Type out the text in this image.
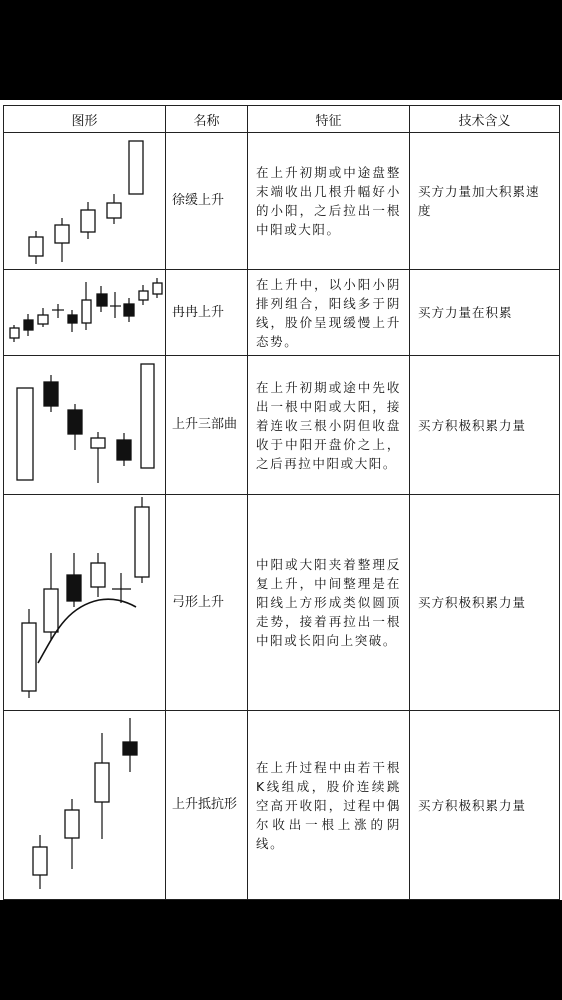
图形	名称	特征	技术含义

	徐缓上升	在上升初期或中途盘整末端收出几根升幅好小的小阳，之后拉出一根中阳或大阳。	买方力量加大积累速度

	冉冉上升	在上升中，以小阳小阴排列组合，阳线多于阴线，股价呈现缓慢上升态势。	买方力量在积累

	上升三部曲	在上升初期或途中先收出一根中阳或大阳，接着连收三根小阴但收盘收于中阳开盘价之上，之后再拉中阳或大阳。	买方积极积累力量

	弓形上升	中阳或大阳夹着整理反复上升，中间整理是在阳线上方形成类似圆顶走势，接着再拉出一根中阳或长阳向上突破。	买方积极积累力量

	上升抵抗形	在上升过程中由若干根K线组成，股价连续跳空高开收阳，过程中偶尔收出一根上涨的阴线。	买方积极积累力量
